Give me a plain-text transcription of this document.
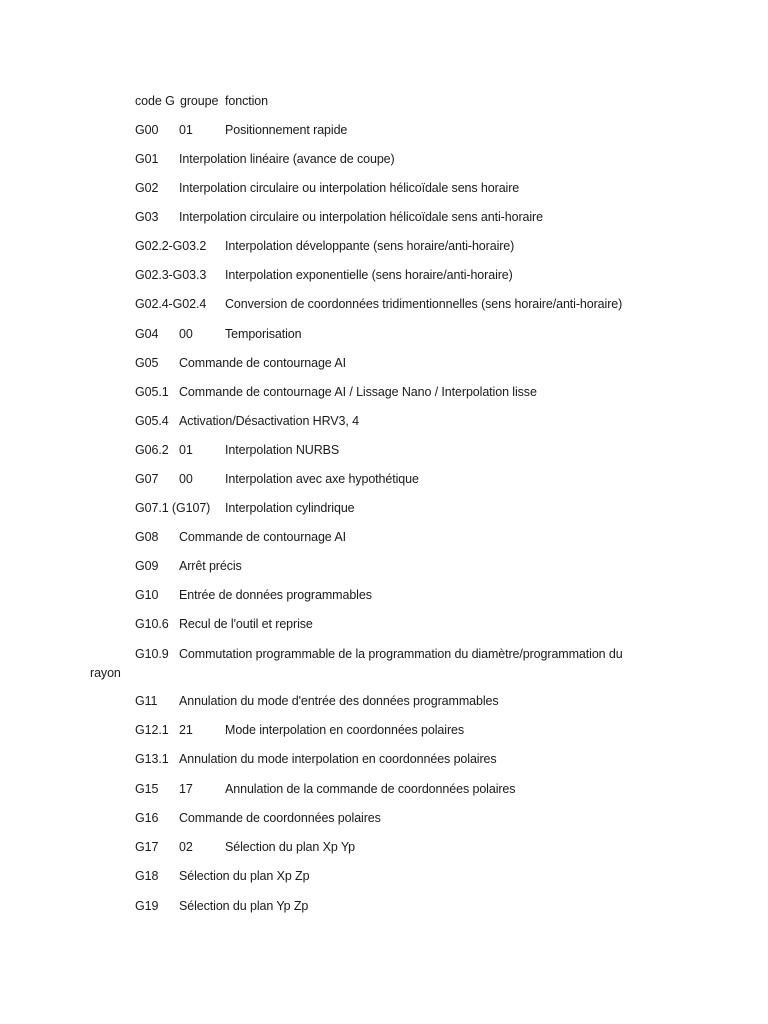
code G groupe fonction
G00 01	Positionnement rapide
G01 Interpolation linéaire (avance de coupe)
G02 Interpolation circulaire ou interpolation hélicoïdale sens horaire
G03 Interpolation circulaire ou interpolation hélicoïdale sens anti-horaire
G02.2-G03.2 Interpolation développante (sens horaire/anti-horaire)
G02.3-G03.3 Interpolation exponentielle (sens horaire/anti-horaire)
G02.4-G02.4 Conversion de coordonnées tridimentionnelles (sens horaire/anti-horaire)
G04 00	Temporisation
G05 Commande de contournage AI
G05.1 Commande de contournage AI / Lissage Nano / Interpolation lisse
G05.4 Activation/Désactivation HRV3, 4
G06.2 01	Interpolation NURBS
G07 00	Interpolation avec axe hypothétique
G07.1 (G107) Interpolation cylindrique
G08 Commande de contournage AI
G09 Arrêt précis
G10 Entrée de données programmables
G10.6 Recul de l'outil et reprise
G10.9 Commutation programmable de la programmation du diamètre/programmation du
rayon
G11 Annulation du mode d'entrée des données programmables
G12.1 21	Mode interpolation en coordonnées polaires
G13.1 Annulation du mode interpolation en coordonnées polaires
G15 17	Annulation de la commande de coordonnées polaires
G16 Commande de coordonnées polaires
G17 02	Sélection du plan Xp Yp
G18 Sélection du plan Xp Zp
G19 Sélection du plan Yp Zp
